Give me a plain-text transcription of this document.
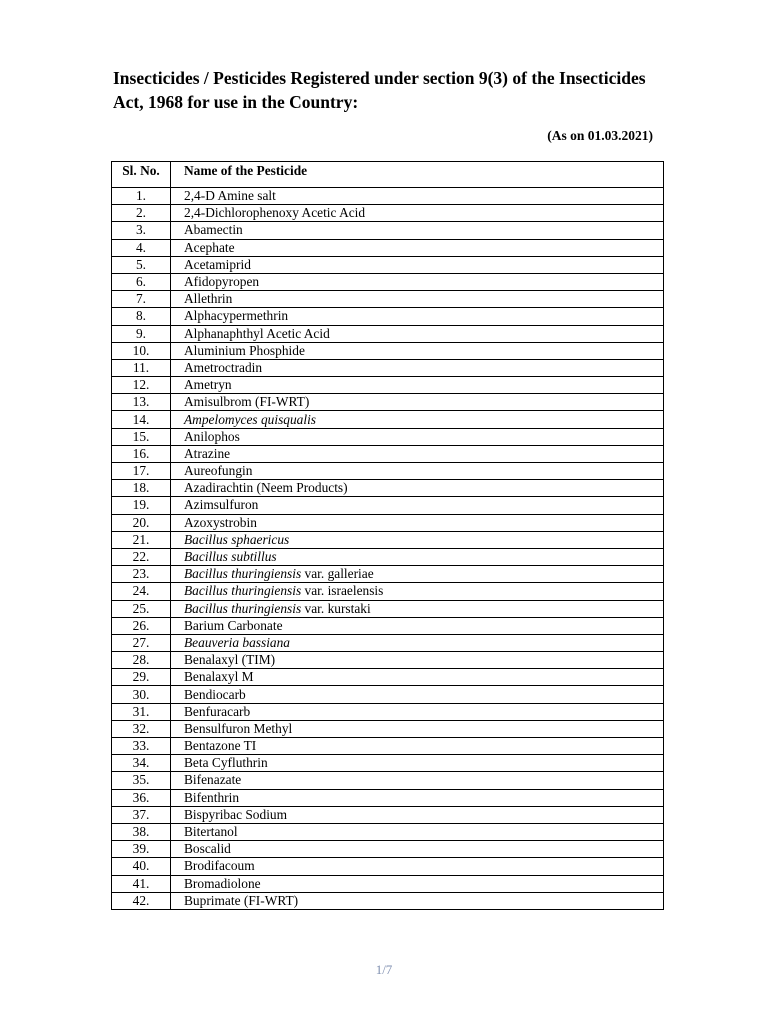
Insecticides / Pesticides Registered under section 9(3) of the Insecticides Act, 1968 for use in the Country:
(As on 01.03.2021)
Sl. No.	Name of the Pesticide
1.	2,4-D Amine salt
2.	2,4-Dichlorophenoxy Acetic Acid
3.	Abamectin
4.	Acephate
5.	Acetamiprid
6.	Afidopyropen
7.	Allethrin
8.	Alphacypermethrin
9.	Alphanaphthyl Acetic Acid
10.	Aluminium Phosphide
11.	Ametroctradin
12.	Ametryn
13.	Amisulbrom (FI-WRT)
14.	Ampelomyces quisqualis
15.	Anilophos
16.	Atrazine
17.	Aureofungin
18.	Azadirachtin (Neem Products)
19.	Azimsulfuron
20.	Azoxystrobin
21.	Bacillus sphaericus
22.	Bacillus subtillus
23.	Bacillus thuringiensis var. galleriae
24.	Bacillus thuringiensis var. israelensis
25.	Bacillus thuringiensis var. kurstaki
26.	Barium Carbonate
27.	Beauveria bassiana
28.	Benalaxyl (TIM)
29.	Benalaxyl M
30.	Bendiocarb
31.	Benfuracarb
32.	Bensulfuron Methyl
33.	Bentazone TI
34.	Beta Cyfluthrin
35.	Bifenazate
36.	Bifenthrin
37.	Bispyribac Sodium
38.	Bitertanol
39.	Boscalid
40.	Brodifacoum
41.	Bromadiolone
42.	Buprimate (FI-WRT)
1/7
